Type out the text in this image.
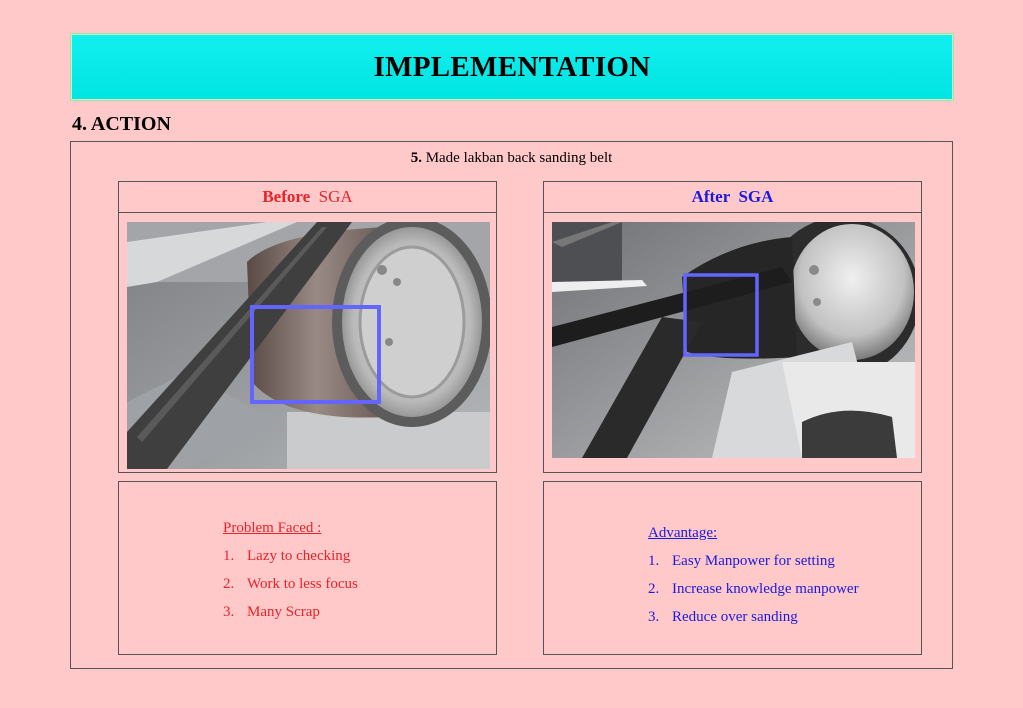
IMPLEMENTATION
4. ACTION
5. Made lakban back sanding belt
Before SGA	After  SGA
Problem Faced :
1. Lazy to checking
2. Work to less focus
3. Many Scrap
Advantage:
1. Easy Manpower for setting
2. Increase knowledge manpower
3. Reduce over sanding
